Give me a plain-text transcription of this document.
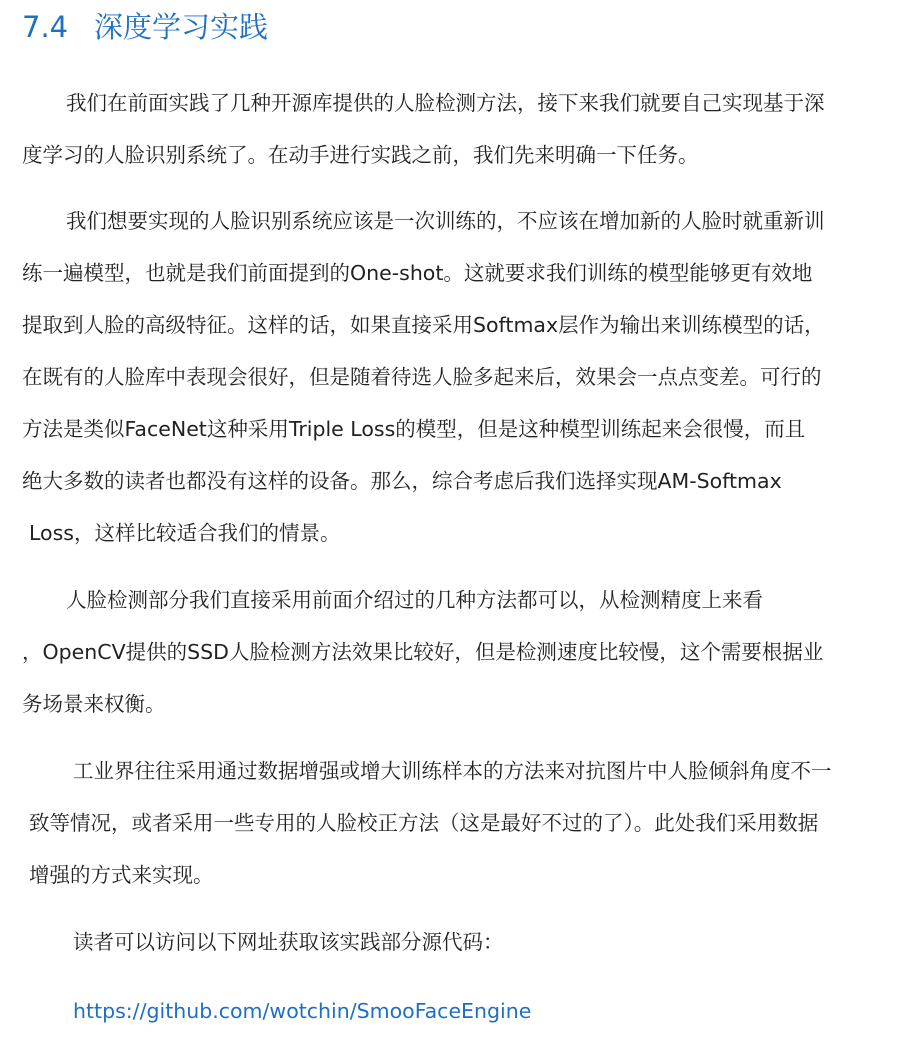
7.4 深度学习实践
我们在前面实践了几种开源库提供的人脸检测方法，接下来我们就要自己实现基于深
度学习的人脸识别系统了。在动手进行实践之前，我们先来明确一下任务。
我们想要实现的人脸识别系统应该是一次训练的，不应该在增加新的人脸时就重新训
练一遍模型，也就是我们前面提到的One-shot。这就要求我们训练的模型能够更有效地
提取到人脸的高级特征。这样的话，如果直接采用Softmax层作为输出来训练模型的话，
在既有的人脸库中表现会很好，但是随着待选人脸多起来后，效果会一点点变差。可行的
方法是类似FaceNet这种采用Triple Loss的模型，但是这种模型训练起来会很慢，而且
绝大多数的读者也都没有这样的设备。那么，综合考虑后我们选择实现AM-Softmax
Loss，这样比较适合我们的情景。
人脸检测部分我们直接采用前面介绍过的几种方法都可以，从检测精度上来看
，OpenCV提供的SSD人脸检测方法效果比较好，但是检测速度比较慢，这个需要根据业
务场景来权衡。
工业界往往采用通过数据增强或增大训练样本的方法来对抗图片中人脸倾斜角度不一
致等情况，或者采用一些专用的人脸校正方法（这是最好不过的了）。此处我们采用数据
增强的方式来实现。
读者可以访问以下网址获取该实践部分源代码：
https://github.com/wotchin/SmooFaceEngine
